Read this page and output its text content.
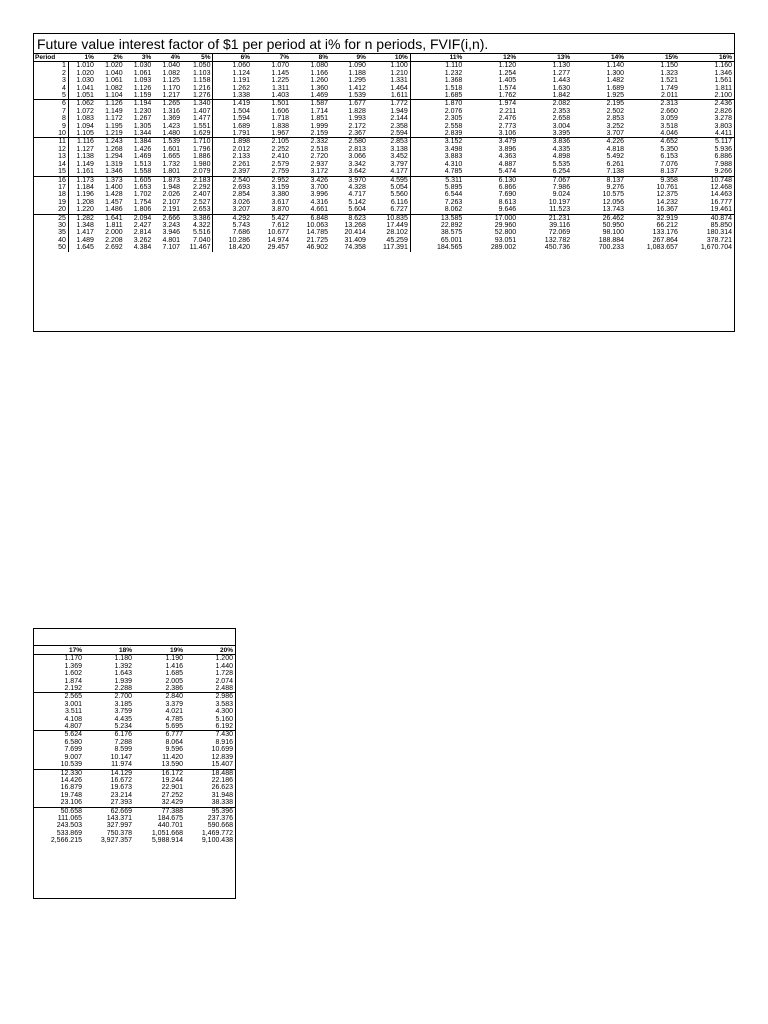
Future value interest factor of $1 per period at i% for n periods, FVIF(i,n).
Period	1%	2%	3%	4%	5%	6%	7%	8%	9%	10%	11%	12%	13%	14%	15%	16%
1	1.010	1.020	1.030	1.040	1.050	1.060	1.070	1.080	1.090	1.100	1.110	1.120	1.130	1.140	1.150	1.160
2	1.020	1.040	1.061	1.082	1.103	1.124	1.145	1.166	1.188	1.210	1.232	1.254	1.277	1.300	1.323	1.346
3	1.030	1.061	1.093	1.125	1.158	1.191	1.225	1.260	1.295	1.331	1.368	1.405	1.443	1.482	1.521	1.561
4	1.041	1.082	1.126	1.170	1.216	1.262	1.311	1.360	1.412	1.464	1.518	1.574	1.630	1.689	1.749	1.811
5	1.051	1.104	1.159	1.217	1.276	1.338	1.403	1.469	1.539	1.611	1.685	1.762	1.842	1.925	2.011	2.100
6	1.062	1.126	1.194	1.265	1.340	1.419	1.501	1.587	1.677	1.772	1.870	1.974	2.082	2.195	2.313	2.436
7	1.072	1.149	1.230	1.316	1.407	1.504	1.606	1.714	1.828	1.949	2.076	2.211	2.353	2.502	2.660	2.826
8	1.083	1.172	1.267	1.369	1.477	1.594	1.718	1.851	1.993	2.144	2.305	2.476	2.658	2.853	3.059	3.278
9	1.094	1.195	1.305	1.423	1.551	1.689	1.838	1.999	2.172	2.358	2.558	2.773	3.004	3.252	3.518	3.803
10	1.105	1.219	1.344	1.480	1.629	1.791	1.967	2.159	2.367	2.594	2.839	3.106	3.395	3.707	4.046	4.411
11	1.116	1.243	1.384	1.539	1.710	1.898	2.105	2.332	2.580	2.853	3.152	3.479	3.836	4.226	4.652	5.117
12	1.127	1.268	1.426	1.601	1.796	2.012	2.252	2.518	2.813	3.138	3.498	3.896	4.335	4.818	5.350	5.936
13	1.138	1.294	1.469	1.665	1.886	2.133	2.410	2.720	3.066	3.452	3.883	4.363	4.898	5.492	6.153	6.886
14	1.149	1.319	1.513	1.732	1.980	2.261	2.579	2.937	3.342	3.797	4.310	4.887	5.535	6.261	7.076	7.988
15	1.161	1.346	1.558	1.801	2.079	2.397	2.759	3.172	3.642	4.177	4.785	5.474	6.254	7.138	8.137	9.266
16	1.173	1.373	1.605	1.873	2.183	2.540	2.952	3.426	3.970	4.595	5.311	6.130	7.067	8.137	9.358	10.748
17	1.184	1.400	1.653	1.948	2.292	2.693	3.159	3.700	4.328	5.054	5.895	6.866	7.986	9.276	10.761	12.468
18	1.196	1.428	1.702	2.026	2.407	2.854	3.380	3.996	4.717	5.560	6.544	7.690	9.024	10.575	12.375	14.463
19	1.208	1.457	1.754	2.107	2.527	3.026	3.617	4.316	5.142	6.116	7.263	8.613	10.197	12.056	14.232	16.777
20	1.220	1.486	1.806	2.191	2.653	3.207	3.870	4.661	5.604	6.727	8.062	9.646	11.523	13.743	16.367	19.461
25	1.282	1.641	2.094	2.666	3.386	4.292	5.427	6.848	8.623	10.835	13.585	17.000	21.231	26.462	32.919	40.874
30	1.348	1.811	2.427	3.243	4.322	5.743	7.612	10.063	13.268	17.449	22.892	29.960	39.116	50.950	66.212	85.850
35	1.417	2.000	2.814	3.946	5.516	7.686	10.677	14.785	20.414	28.102	38.575	52.800	72.069	98.100	133.176	180.314
40	1.489	2.208	3.262	4.801	7.040	10.286	14.974	21.725	31.409	45.259	65.001	93.051	132.782	188.884	267.864	378.721
50	1.645	2.692	4.384	7.107	11.467	18.420	29.457	46.902	74.358	117.391	184.565	289.002	450.736	700.233	1,083.657	1,670.704
17%	18%	19%	20%
1.170	1.180	1.190	1.200
1.369	1.392	1.416	1.440
1.602	1.643	1.685	1.728
1.874	1.939	2.005	2.074
2.192	2.288	2.386	2.488
2.565	2.700	2.840	2.986
3.001	3.185	3.379	3.583
3.511	3.759	4.021	4.300
4.108	4.435	4.785	5.160
4.807	5.234	5.695	6.192
5.624	6.176	6.777	7.430
6.580	7.288	8.064	8.916
7.699	8.599	9.596	10.699
9.007	10.147	11.420	12.839
10.539	11.974	13.590	15.407
12.330	14.129	16.172	18.488
14.426	16.672	19.244	22.186
16.879	19.673	22.901	26.623
19.748	23.214	27.252	31.948
23.106	27.393	32.429	38.338
50.658	62.669	77.388	95.396
111.065	143.371	184.675	237.376
243.503	327.997	440.701	590.668
533.869	750.378	1,051.668	1,469.772
2,566.215	3,927.357	5,988.914	9,100.438
